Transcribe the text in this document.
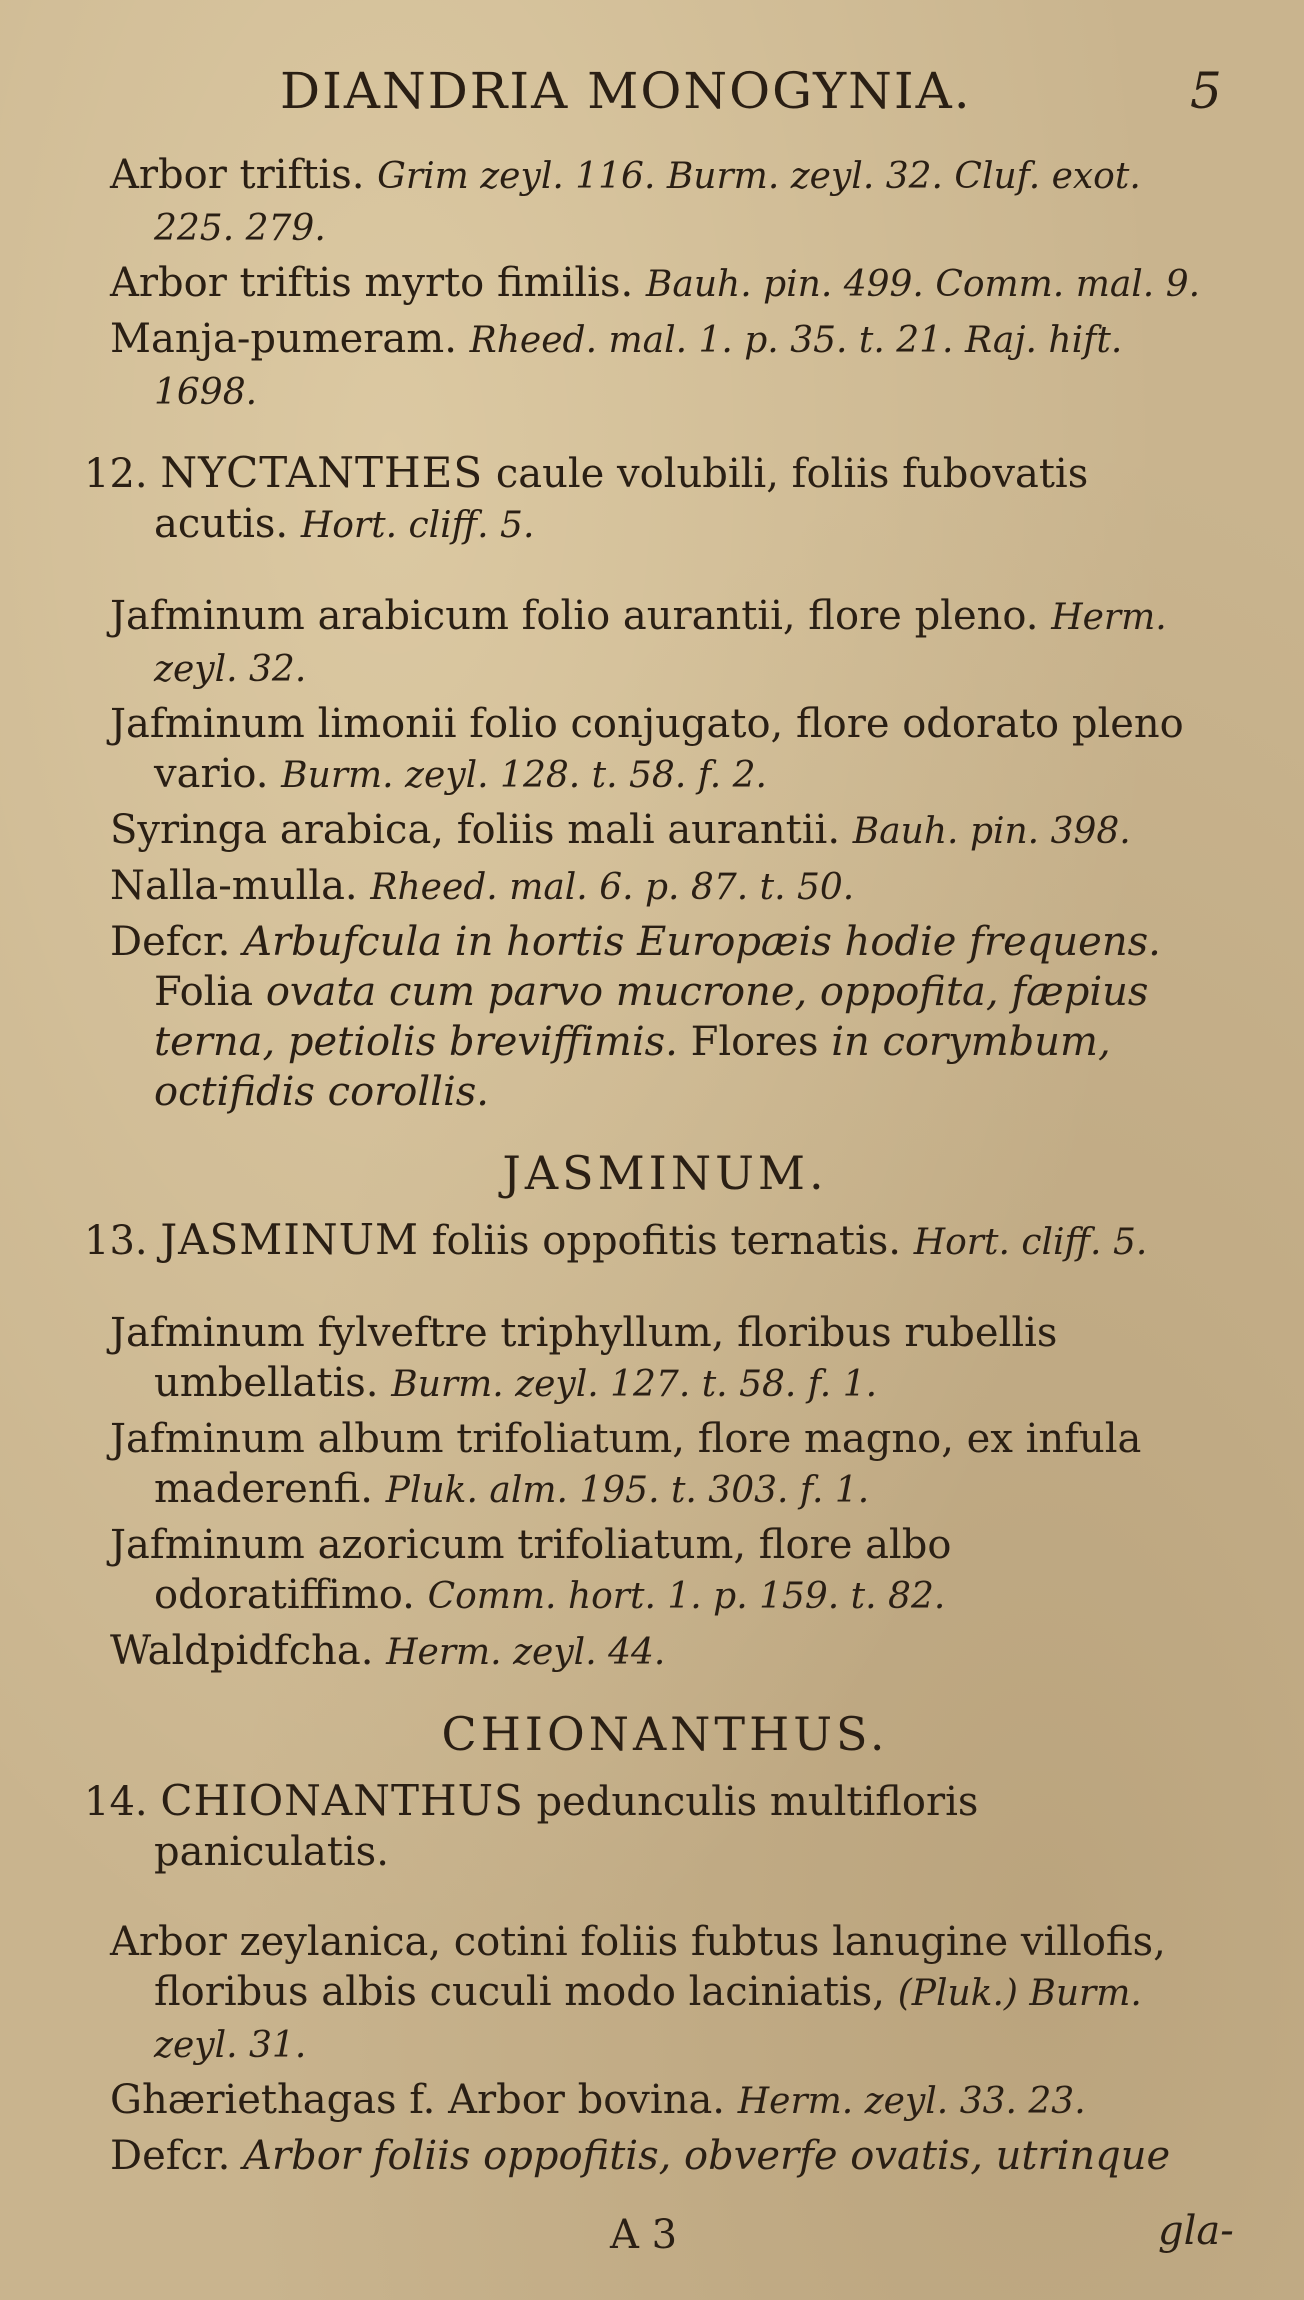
DIANDRIA MONOGYNIA.	5

Arbor triftis. Grim zeyl. 116. Burm. zeyl. 32. Cluf. exot. 225. 279.

Arbor triftis myrto fimilis. Bauh. pin. 499. Comm. mal. 9.

Manja-pumeram. Rheed. mal. 1. p. 35. t. 21. Raj. hift. 1698.

12. NYCTANTHES caule volubili, foliis fubovatis acutis. Hort. cliff. 5.

Jafminum arabicum folio aurantii, flore pleno. Herm. zeyl. 32.

Jafminum limonii folio conjugato, flore odorato pleno vario. Burm. zeyl. 128. t. 58. f. 2.

Syringa arabica, foliis mali aurantii. Bauh. pin. 398.

Nalla-mulla. Rheed. mal. 6. p. 87. t. 50.

Defcr. Arbufcula in hortis Europæis hodie frequens. Folia ovata cum parvo mucrone, oppofita, fæpius terna, petiolis breviffimis. Flores in corymbum, octifidis corollis.

JASMINUM.

13. JASMINUM foliis oppofitis ternatis. Hort. cliff. 5.

Jafminum fylveftre triphyllum, floribus rubellis umbellatis. Burm. zeyl. 127. t. 58. f. 1.

Jafminum album trifoliatum, flore magno, ex infula maderenfi. Pluk. alm. 195. t. 303. f. 1.

Jafminum azoricum trifoliatum, flore albo odoratiffimo. Comm. hort. 1. p. 159. t. 82.

Waldpidfcha. Herm. zeyl. 44.

CHIONANTHUS.

14. CHIONANTHUS pedunculis multifloris paniculatis.

Arbor zeylanica, cotini foliis fubtus lanugine villofis, floribus albis cuculi modo laciniatis, (Pluk.) Burm. zeyl. 31.

Ghæriethagas f. Arbor bovina. Herm. zeyl. 33. 23.

Defcr. Arbor foliis oppofitis, obverfe ovatis, utrinque

A 3	gla-
